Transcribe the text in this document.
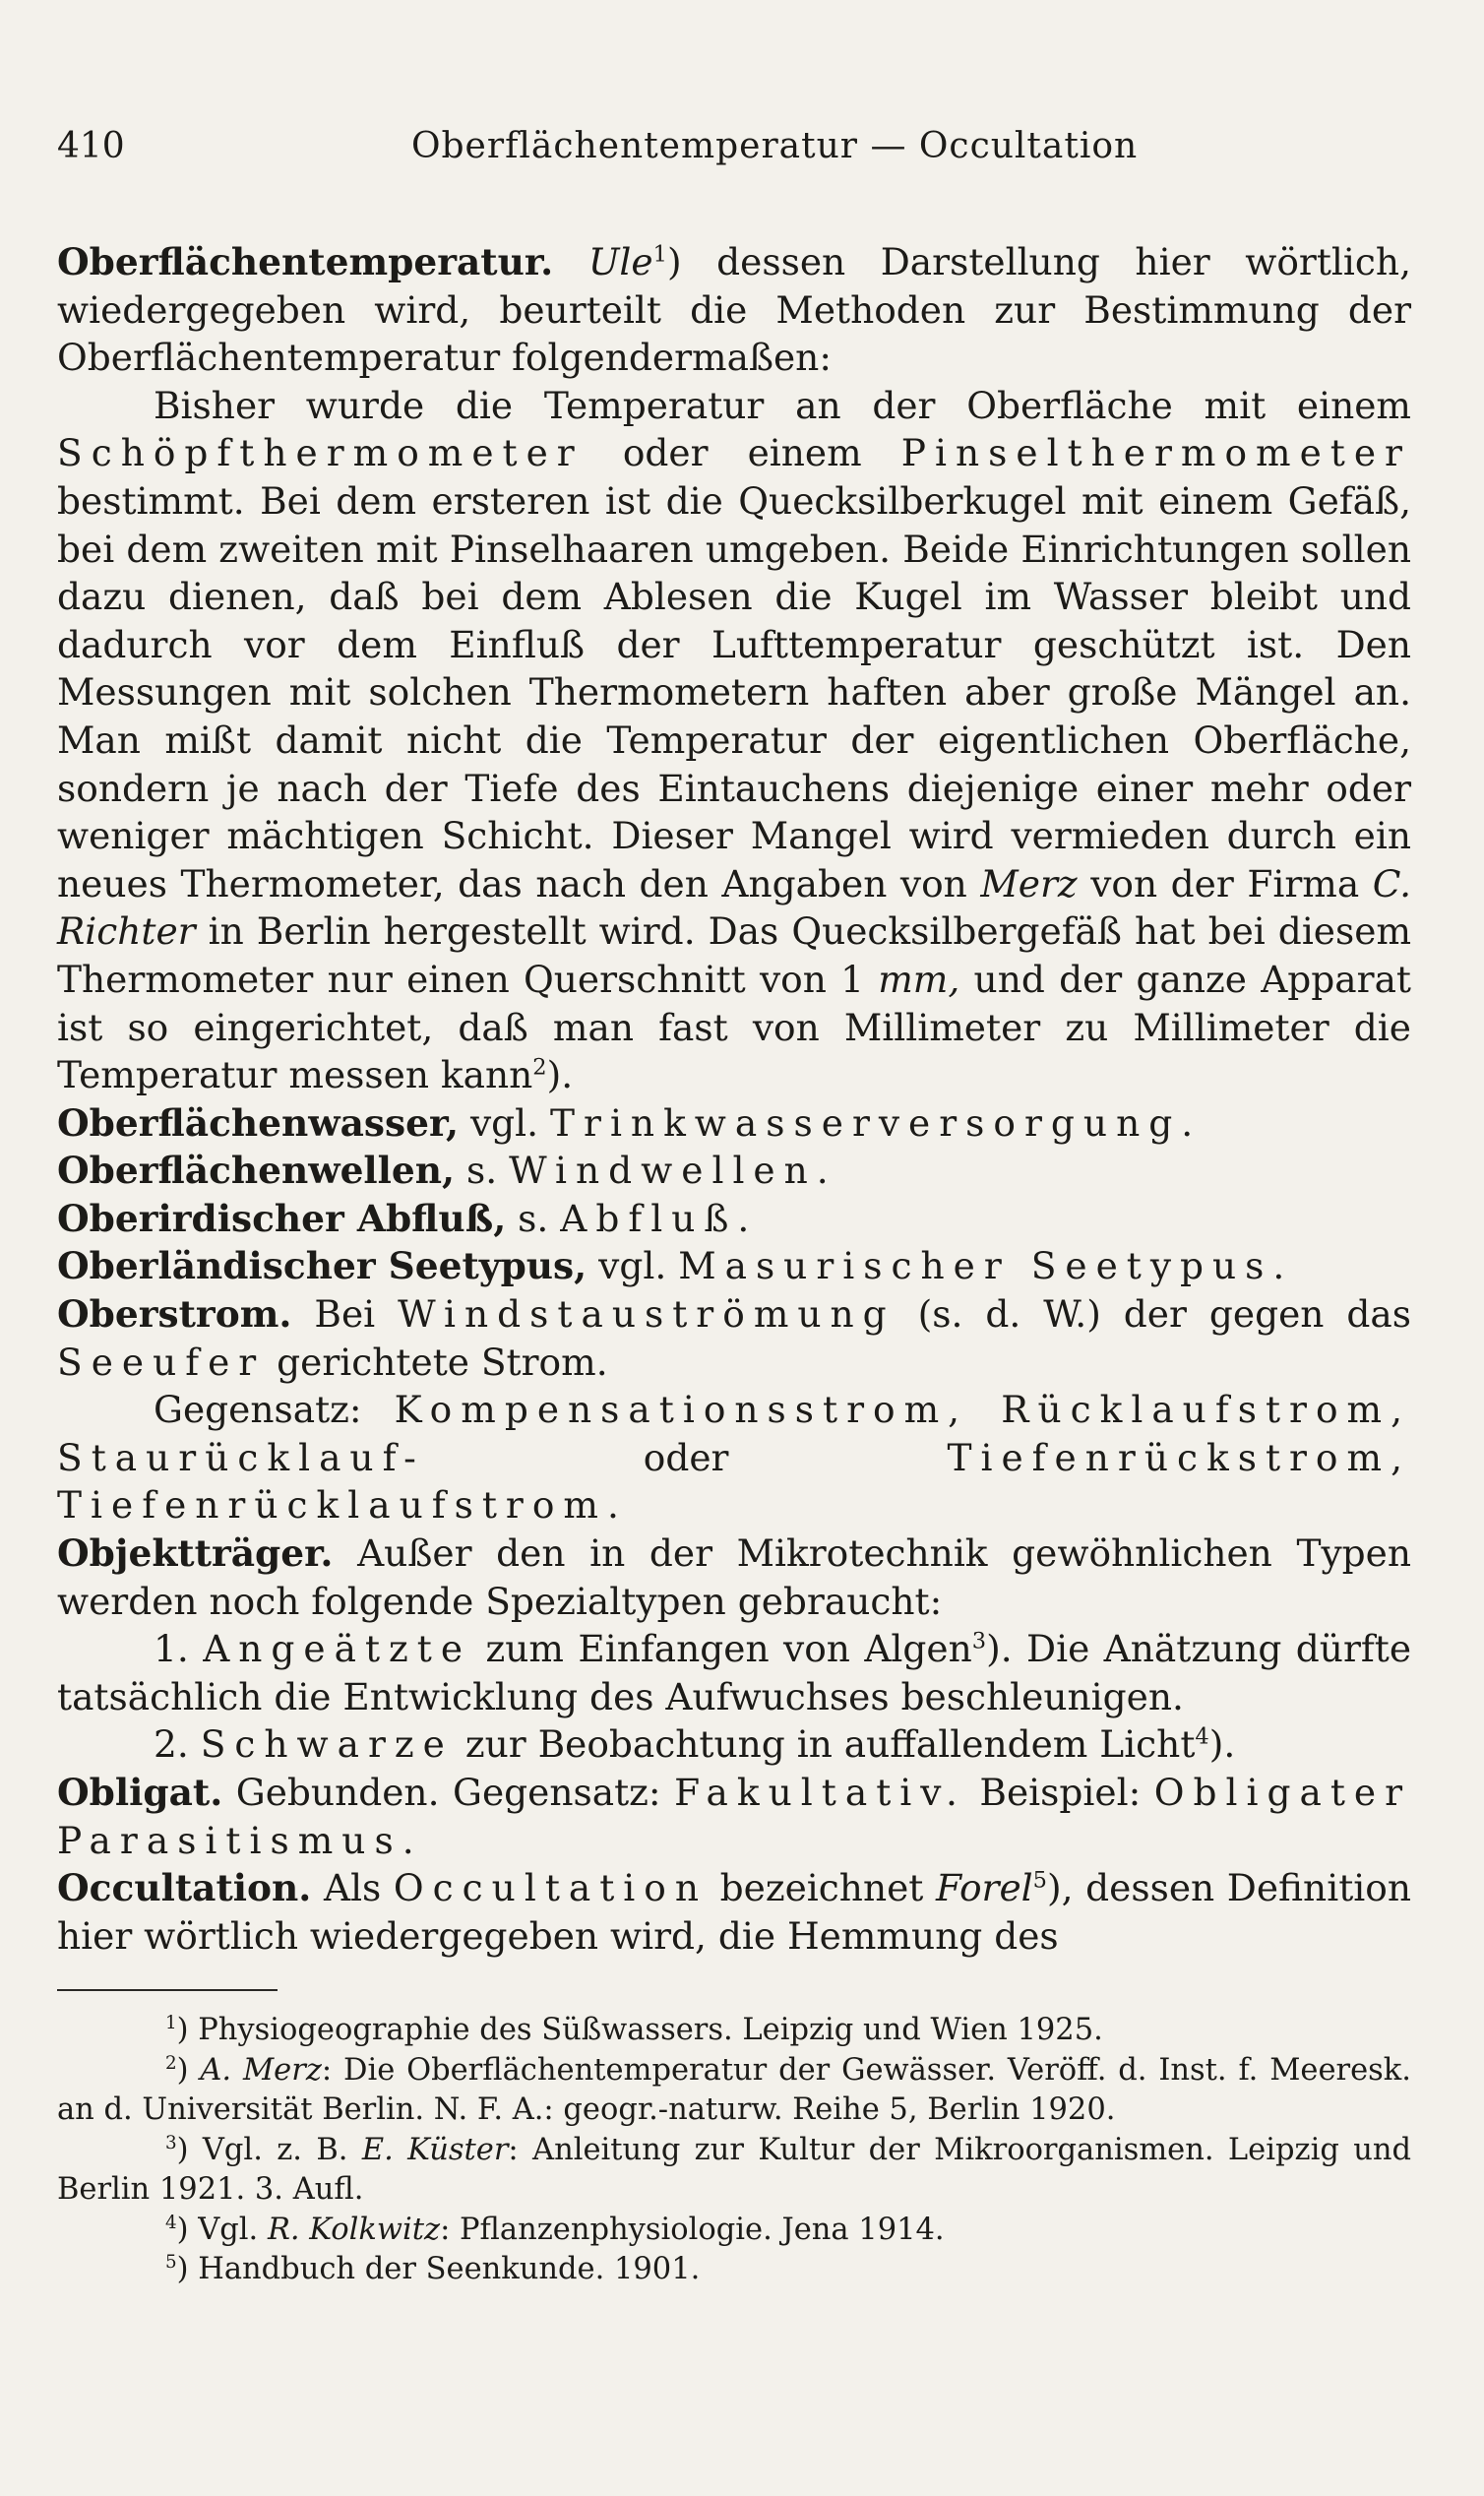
410	Oberflächentemperatur — Occultation

Oberflächentemperatur. Ule$^1$) dessen Darstellung hier wörtlich, wiedergegeben wird, beurteilt die Methoden zur Bestimmung der Oberflächentemperatur folgendermaßen:

Bisher wurde die Temperatur an der Oberfläche mit einem Schöpfthermometer oder einem Pinselthermometer bestimmt. Bei dem ersteren ist die Quecksilberkugel mit einem Gefäß, bei dem zweiten mit Pinselhaaren umgeben. Beide Einrichtungen sollen dazu dienen, daß bei dem Ablesen die Kugel im Wasser bleibt und dadurch vor dem Einfluß der Lufttemperatur geschützt ist. Den Messungen mit solchen Thermometern haften aber große Mängel an. Man mißt damit nicht die Temperatur der eigentlichen Oberfläche, sondern je nach der Tiefe des Eintauchens diejenige einer mehr oder weniger mächtigen Schicht. Dieser Mangel wird vermieden durch ein neues Thermometer, das nach den Angaben von Merz von der Firma C. Richter in Berlin hergestellt wird. Das Quecksilbergefäß hat bei diesem Thermometer nur einen Querschnitt von 1 mm, und der ganze Apparat ist so eingerichtet, daß man fast von Millimeter zu Millimeter die Temperatur messen kann$^2$).

Oberflächenwasser, vgl. Trinkwasserversorgung.

Oberflächenwellen, s. Windwellen.

Oberirdischer Abfluß, s. Abfluß.

Oberländischer Seetypus, vgl. Masurischer Seetypus.

Oberstrom. Bei Windstauströmung (s. d. W.) der gegen das Seeufer gerichtete Strom.

Gegensatz: Kompensationsstrom, Rücklaufstrom, Staurücklauf-	oder	Tiefenrückstrom, Tiefenrücklaufstrom.

Objektträger. Außer den in der Mikrotechnik gewöhnlichen Typen werden noch folgende Spezialtypen gebraucht:

1. Angeätzte zum Einfangen von Algen$^3$). Die Anätzung dürfte tatsächlich die Entwicklung des Aufwuchses beschleunigen.

2. Schwarze zur Beobachtung in auffallendem Licht$^4$).

Obligat. Gebunden. Gegensatz: Fakultativ. Beispiel: Obligater Parasitismus.

Occultation. Als Occultation bezeichnet Forel$^5$), dessen Definition hier wörtlich wiedergegeben wird, die Hemmung des

$^1$) Physiogeographie des Süßwassers. Leipzig und Wien 1925.

$^2$) A. Merz: Die Oberflächentemperatur der Gewässer. Veröff. d. Inst. f. Meeresk. an d. Universität Berlin. N. F. A.: geogr.-naturw. Reihe 5, Berlin 1920.

$^3$) Vgl. z. B. E. Küster: Anleitung zur Kultur der Mikroorganismen. Leipzig und Berlin 1921. 3. Aufl.

$^4$) Vgl. R. Kolkwitz: Pflanzenphysiologie. Jena 1914.

$^5$) Handbuch der Seenkunde. 1901.
